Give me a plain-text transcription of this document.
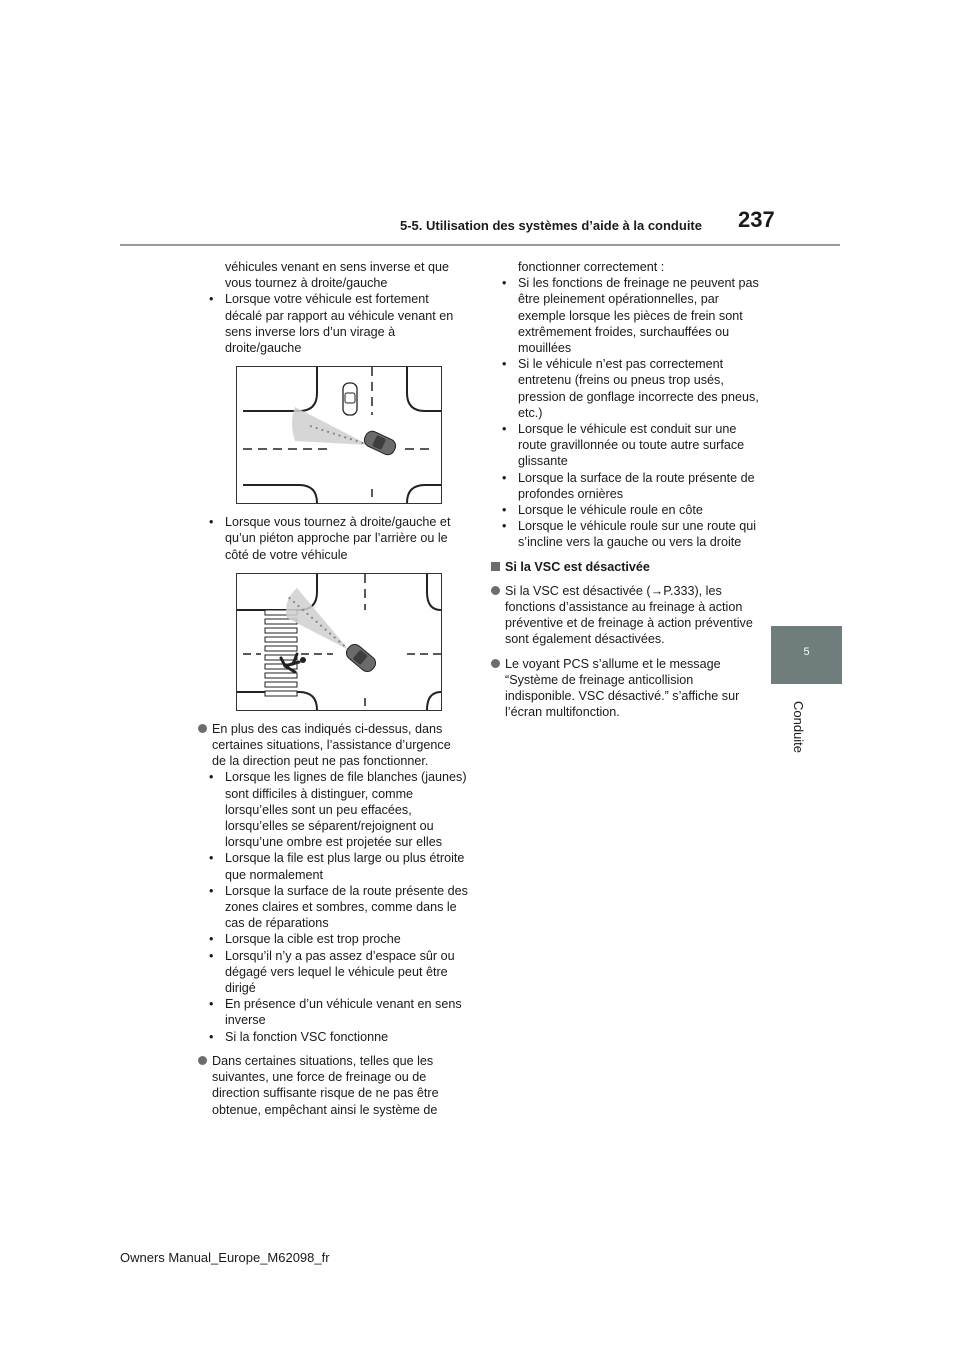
5-5. Utilisation des systèmes d’aide à la conduite 237
5
Conduite
véhicules venant en sens inverse et que vous tournez à droite/gauche
• Lorsque votre véhicule est fortement décalé par rapport au véhicule venant en sens inverse lors d’un virage à droite/gauche
• Lorsque vous tournez à droite/gauche et qu’un piéton approche par l’arrière ou le côté de votre véhicule
En plus des cas indiqués ci-dessus, dans certaines situations, l’assistance d’urgence de la direction peut ne pas fonctionner.
• Lorsque les lignes de file blanches (jaunes) sont difficiles à distinguer, comme lorsqu’elles sont un peu effacées, lorsqu’elles se séparent/rejoignent ou lorsqu’une ombre est projetée sur elles
• Lorsque la file est plus large ou plus étroite que normalement
• Lorsque la surface de la route présente des zones claires et sombres, comme dans le cas de réparations
• Lorsque la cible est trop proche
• Lorsqu’il n’y a pas assez d’espace sûr ou dégagé vers lequel le véhicule peut être dirigé
• En présence d’un véhicule venant en sens inverse
• Si la fonction VSC fonctionne
Dans certaines situations, telles que les suivantes, une force de freinage ou de direction suffisante risque de ne pas être obtenue, empêchant ainsi le système de
fonctionner correctement :
• Si les fonctions de freinage ne peuvent pas être pleinement opérationnelles, par exemple lorsque les pièces de frein sont extrêmement froides, surchauffées ou mouillées
• Si le véhicule n’est pas correctement entretenu (freins ou pneus trop usés, pression de gonflage incorrecte des pneus, etc.)
• Lorsque le véhicule est conduit sur une route gravillonnée ou toute autre surface glissante
• Lorsque la surface de la route présente de profondes ornières
• Lorsque le véhicule roule en côte
• Lorsque le véhicule roule sur une route qui s’incline vers la gauche ou vers la droite
Si la VSC est désactivée
Si la VSC est désactivée (→P.333), les fonctions d’assistance au freinage à action préventive et de freinage à action préventive sont également désactivées.
Le voyant PCS s’allume et le message “Système de freinage anticollision indisponible. VSC désactivé.” s’affiche sur l’écran multifonction.
Owners Manual_Europe_M62098_fr
